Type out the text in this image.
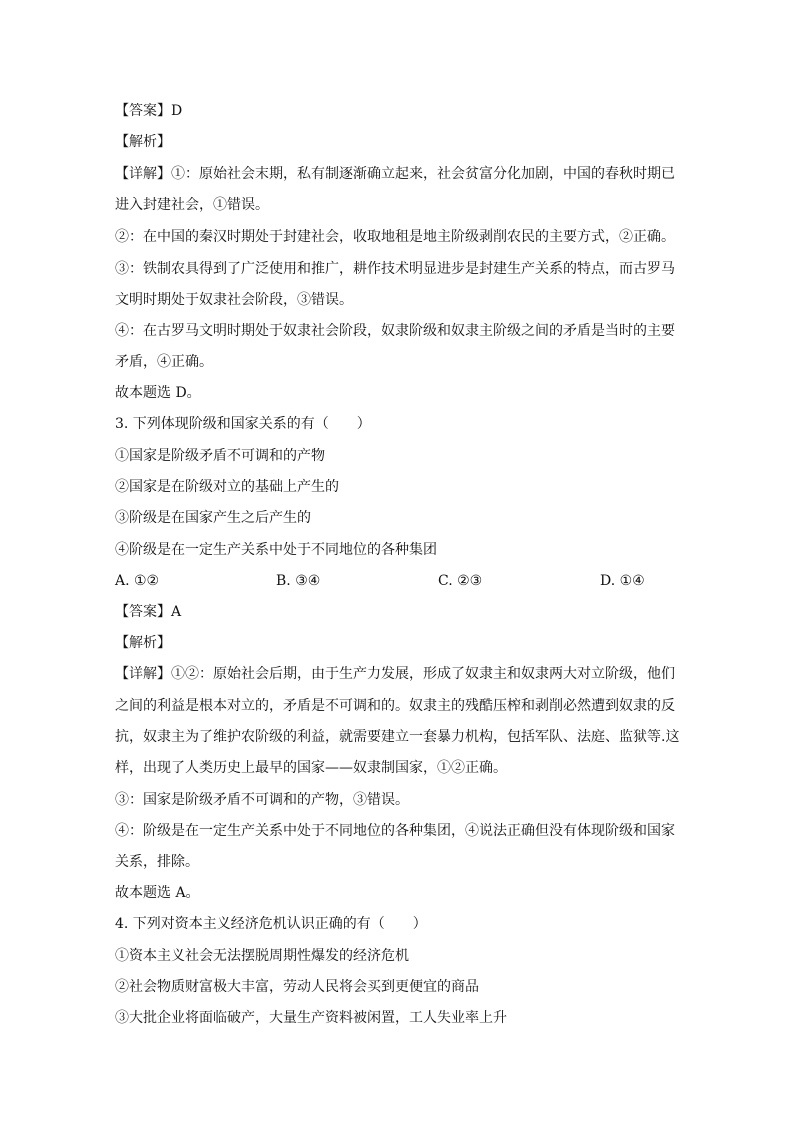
【答案】D
【解析】
【详解】①：原始社会末期，私有制逐渐确立起来，社会贫富分化加剧，中国的春秋时期已
进入封建社会，①错误。
②：在中国的秦汉时期处于封建社会，收取地租是地主阶级剥削农民的主要方式，②正确。
③：铁制农具得到了广泛使用和推广，耕作技术明显进步是封建生产关系的特点，而古罗马
文明时期处于奴隶社会阶段，③错误。
④：在古罗马文明时期处于奴隶社会阶段，奴隶阶级和奴隶主阶级之间的矛盾是当时的主要
矛盾，④正确。
故本题选 D。
3. 下列体现阶级和国家关系的有（　　）
①国家是阶级矛盾不可调和的产物
②国家是在阶级对立的基础上产生的
③阶级是在国家产生之后产生的
④阶级是在一定生产关系中处于不同地位的各种集团
A. ①②	B. ③④	C. ②③	D. ①④
【答案】A
【解析】
【详解】①②：原始社会后期，由于生产力发展，形成了奴隶主和奴隶两大对立阶级，他们
之间的利益是根本对立的，矛盾是不可调和的。奴隶主的残酷压榨和剥削必然遭到奴隶的反
抗，奴隶主为了维护农阶级的利益，就需要建立一套暴力机构，包括军队、法庭、监狱等.这
样，出现了人类历史上最早的国家——奴隶制国家，①②正确。
③：国家是阶级矛盾不可调和的产物，③错误。
④：阶级是在一定生产关系中处于不同地位的各种集团，④说法正确但没有体现阶级和国家
关系，排除。
故本题选 A。
4. 下列对资本主义经济危机认识正确的有（　　）
①资本主义社会无法摆脱周期性爆发的经济危机
②社会物质财富极大丰富，劳动人民将会买到更便宜的商品
③大批企业将面临破产，大量生产资料被闲置，工人失业率上升
